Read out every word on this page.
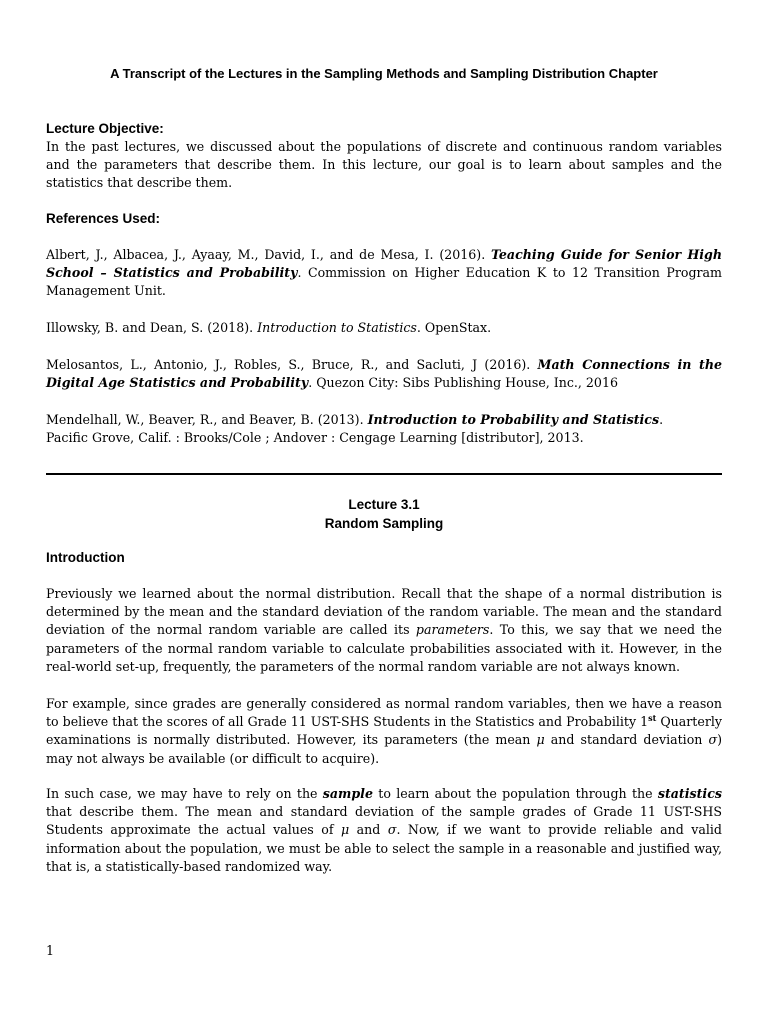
A Transcript of the Lectures in the Sampling Methods and Sampling Distribution Chapter
Lecture Objective:
In the past lectures, we discussed about the populations of discrete and continuous random variables and the parameters that describe them. In this lecture, our goal is to learn about samples and the statistics that describe them.
References Used:
Albert, J., Albacea, J., Ayaay, M., David, I., and de Mesa, I. (2016). Teaching Guide for Senior High School – Statistics and Probability. Commission on Higher Education K to 12 Transition Program Management Unit.
Illowsky, B. and Dean, S. (2018). Introduction to Statistics. OpenStax.
Melosantos, L., Antonio, J., Robles, S., Bruce, R., and Sacluti, J (2016). Math Connections in the Digital Age Statistics and Probability. Quezon City: Sibs Publishing House, Inc., 2016
Mendelhall, W., Beaver, R., and Beaver, B. (2013). Introduction to Probability and Statistics.
Pacific Grove, Calif. : Brooks/Cole ; Andover : Cengage Learning [distributor], 2013.
Lecture 3.1
Random Sampling
Introduction
Previously we learned about the normal distribution. Recall that the shape of a normal distribution is determined by the mean and the standard deviation of the random variable. The mean and the standard deviation of the normal random variable are called its parameters. To this, we say that we need the parameters of the normal random variable to calculate probabilities associated with it. However, in the real-world set-up, frequently, the parameters of the normal random variable are not always known.
For example, since grades are generally considered as normal random variables, then we have a reason to believe that the scores of all Grade 11 UST-SHS Students in the Statistics and Probability 1st Quarterly examinations is normally distributed. However, its parameters (the mean μ and standard deviation σ) may not always be available (or difficult to acquire).
In such case, we may have to rely on the sample to learn about the population through the statistics that describe them. The mean and standard deviation of the sample grades of Grade 11 UST-SHS Students approximate the actual values of μ and σ. Now, if we want to provide reliable and valid information about the population, we must be able to select the sample in a reasonable and justified way, that is, a statistically-based randomized way.
1
